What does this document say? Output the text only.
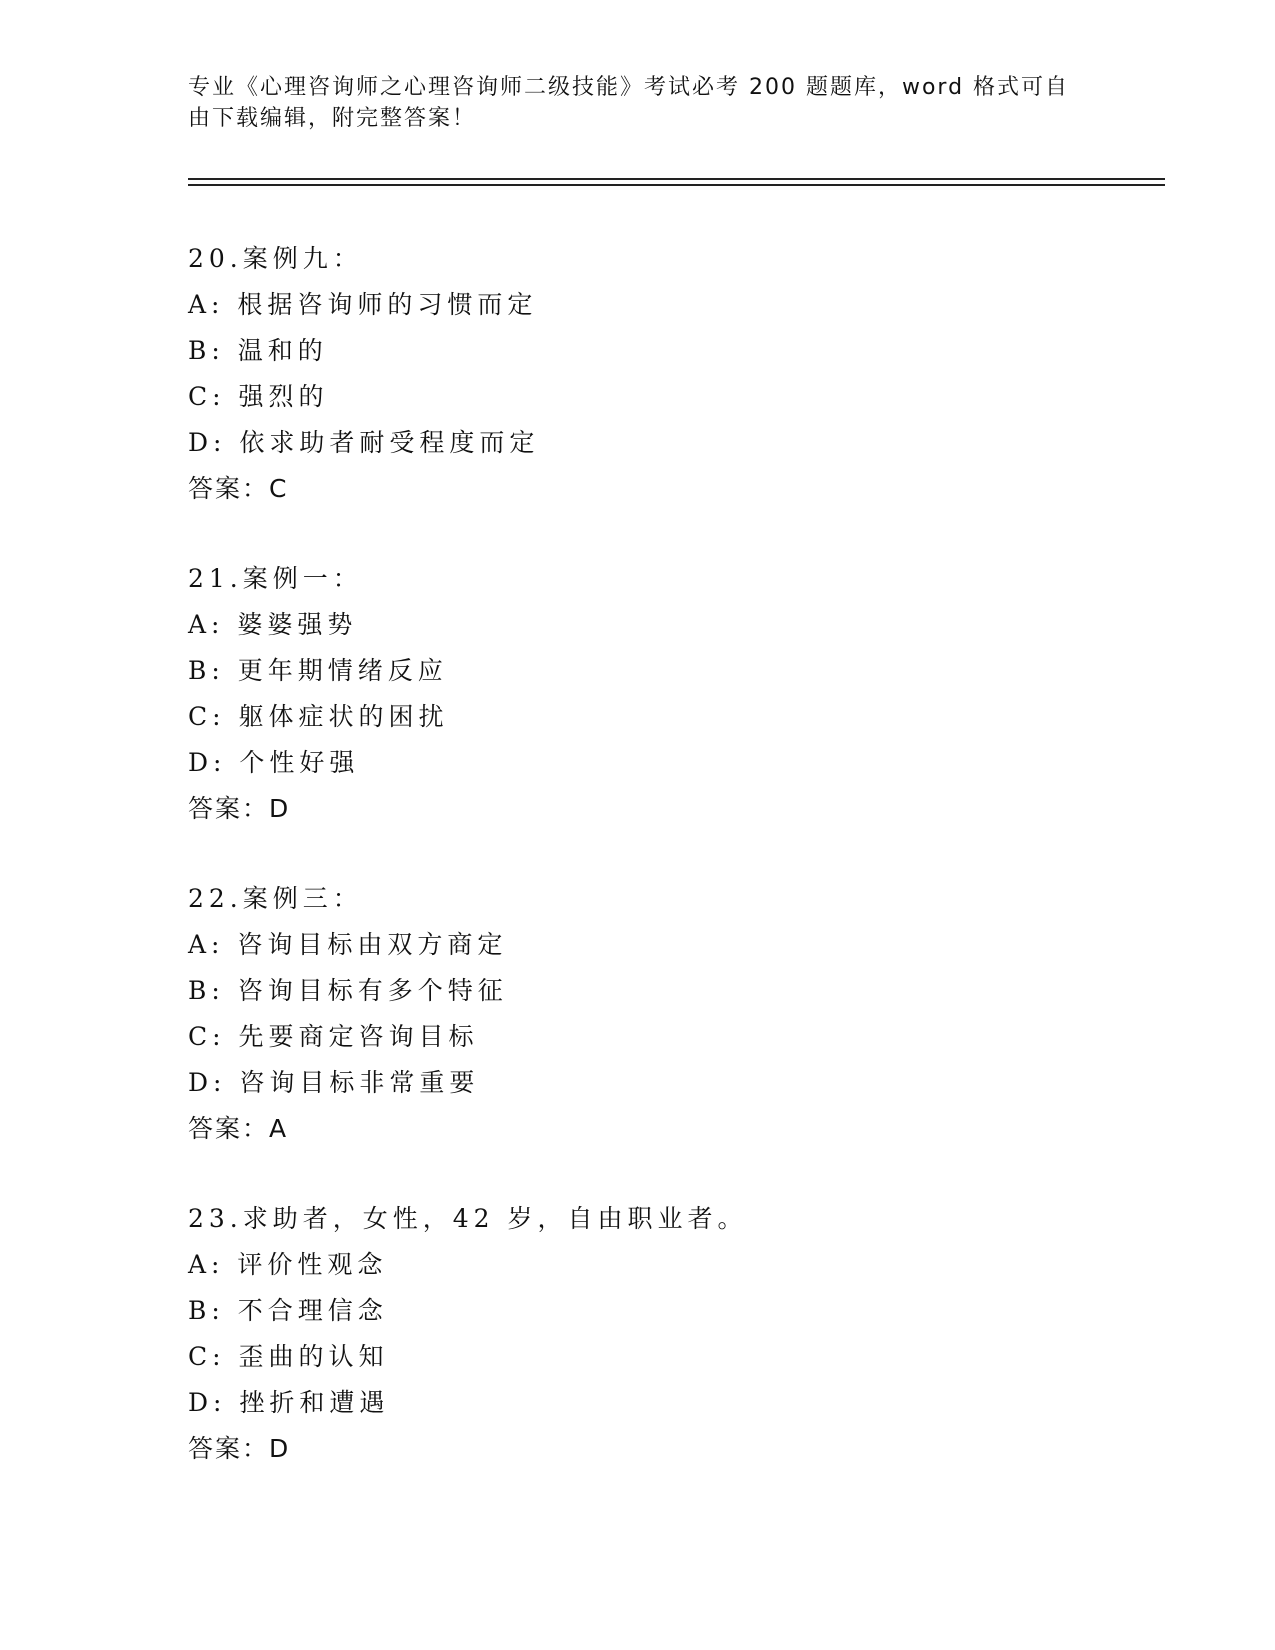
专业《心理咨询师之心理咨询师二级技能》考试必考 200 题题库，word 格式可自

由下载编辑，附完整答案！

20.案例九：
A: 根据咨询师的习惯而定
B: 温和的
C: 强烈的
D: 依求助者耐受程度而定
答案：C
21.案例一：
A: 婆婆强势
B: 更年期情绪反应
C: 躯体症状的困扰
D: 个性好强
答案：D
22.案例三：
A: 咨询目标由双方商定
B: 咨询目标有多个特征
C: 先要商定咨询目标
D: 咨询目标非常重要
答案：A
23.求助者，女性，42 岁，自由职业者。
A: 评价性观念
B: 不合理信念
C: 歪曲的认知
D: 挫折和遭遇
答案：D
